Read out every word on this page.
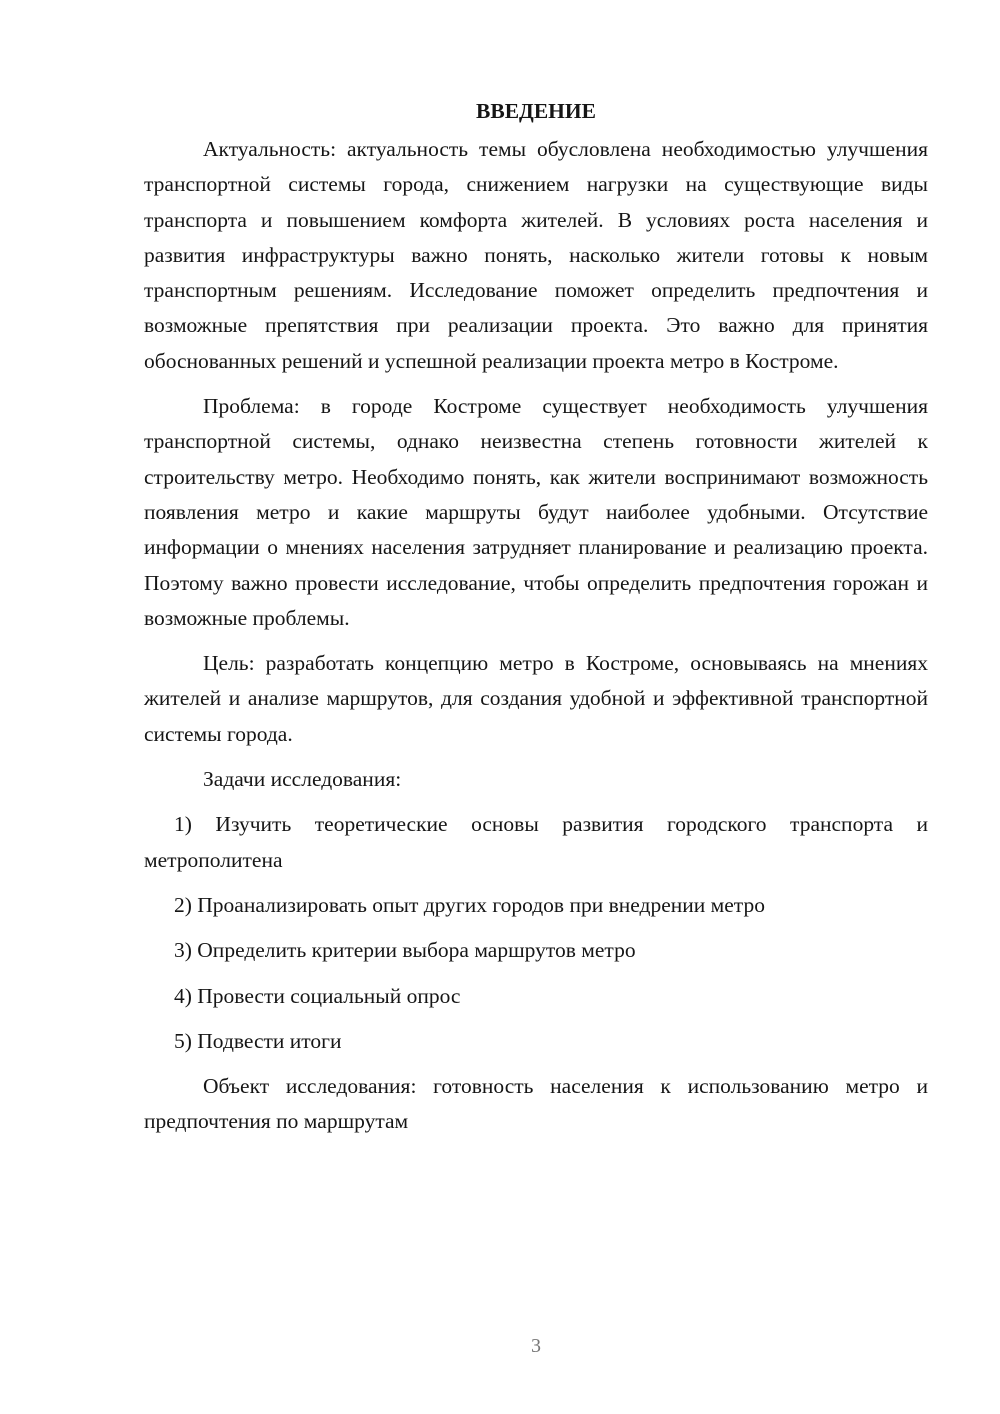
ВВЕДЕНИЕ

Актуальность: актуальность темы обусловлена необходимостью улучшения транспортной системы города, снижением нагрузки на существующие виды транспорта и повышением комфорта жителей. В условиях роста населения и развития инфраструктуры важно понять, насколько жители готовы к новым транспортным решениям. Исследование поможет определить предпочтения и возможные препятствия при реализации проекта. Это важно для принятия обоснованных решений и успешной реализации проекта метро в Костроме.

Проблема: в городе Костроме существует необходимость улучшения транспортной системы, однако неизвестна степень готовности жителей к строительству метро. Необходимо понять, как жители воспринимают возможность появления метро и какие маршруты будут наиболее удобными. Отсутствие информации о мнениях населения затрудняет планирование и реализацию проекта. Поэтому важно провести исследование, чтобы определить предпочтения горожан и возможные проблемы.

Цель: разработать концепцию метро в Костроме, основываясь на мнениях жителей и анализе маршрутов, для создания удобной и эффективной транспортной системы города.

Задачи исследования:

1) Изучить теоретические основы развития городского транспорта и метрополитена

2) Проанализировать опыт других городов при внедрении метро

3) Определить критерии выбора маршрутов метро

4) Провести социальный опрос

5) Подвести итоги

Объект исследования: готовность населения к использованию метро и предпочтения по маршрутам

3
